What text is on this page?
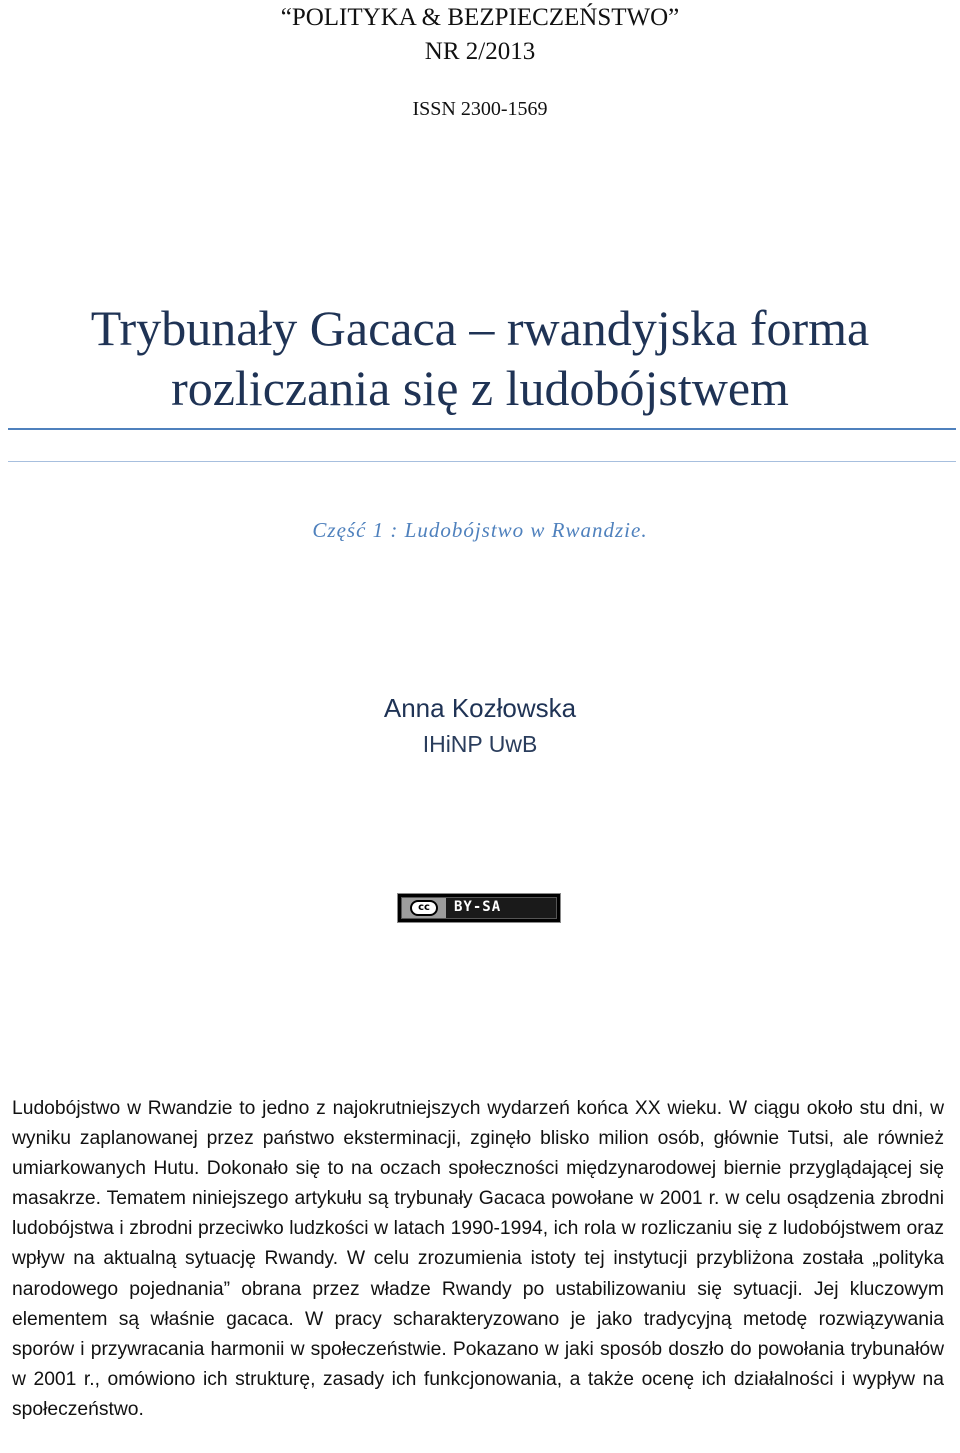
“POLITYKA & BEZPIECZEŃSTWO”
NR 2/2013
ISSN 2300-1569
Trybunały Gacaca – rwandyjska forma
rozliczania się z ludobójstwem
Część 1 : Ludobójstwo w Rwandzie.
Anna Kozłowska
IHiNP UwB
cc	BY-SA

Ludobójstwo w Rwandzie to jedno z najokrutniejszych wydarzeń końca XX wieku. W ciągu około stu dni, w wyniku zaplanowanej przez państwo eksterminacji, zginęło blisko milion osób, głównie Tutsi, ale również umiarkowanych Hutu. Dokonało się to na oczach społeczności międzynarodowej biernie przyglądającej się masakrze. Tematem niniejszego artykułu są trybunały Gacaca powołane w 2001 r. w celu osądzenia zbrodni ludobójstwa i zbrodni przeciwko ludzkości w latach 1990-1994, ich rola w rozliczaniu się z ludobójstwem oraz wpływ na aktualną sytuację Rwandy. W celu zrozumienia istoty tej instytucji przybliżona została „polityka narodowego pojednania” obrana przez władze Rwandy po ustabilizowaniu się sytuacji. Jej kluczowym elementem są właśnie gacaca. W pracy scharakteryzowano je jako tradycyjną metodę rozwiązywania sporów i przywracania harmonii w społeczeństwie. Pokazano w jaki sposób doszło do powołania trybunałów w 2001 r., omówiono ich strukturę, zasady ich funkcjonowania, a także ocenę ich działalności i wypływ na społeczeństwo.
